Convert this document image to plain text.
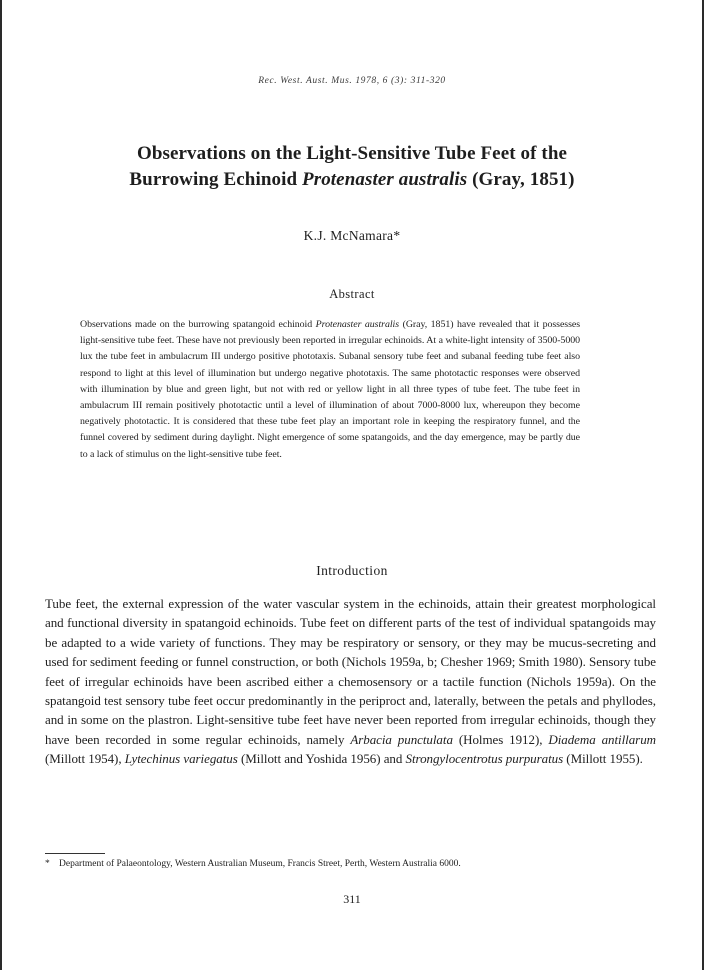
Rec. West. Aust. Mus. 1978, 6 (3): 311-320
Observations on the Light-Sensitive Tube Feet of the
Burrowing Echinoid Protenaster australis (Gray, 1851)
K.J. McNamara*
Abstract
Observations made on the burrowing spatangoid echinoid Protenaster australis (Gray, 1851) have revealed that it possesses light-sensitive tube feet. These have not previously been reported in irregular echinoids. At a white-light intensity of 3500-5000 lux the tube feet in ambulacrum III undergo positive phototaxis. Subanal sensory tube feet and subanal feeding tube feet also respond to light at this level of illumination but undergo negative phototaxis. The same phototactic responses were observed with illumination by blue and green light, but not with red or yellow light in all three types of tube feet. The tube feet in ambulacrum III remain positively phototactic until a level of illumination of about 7000-8000 lux, whereupon they become negatively phototactic. It is considered that these tube feet play an important role in keeping the respiratory funnel, and the funnel covered by sediment during daylight. Night emergence of some spatangoids, and the day emergence, may be partly due to a lack of stimulus on the light-sensitive tube feet.
Introduction
Tube feet, the external expression of the water vascular system in the echinoids, attain their greatest morphological and functional diversity in spatangoid echinoids. Tube feet on different parts of the test of individual spatangoids may be adapted to a wide variety of functions. They may be respiratory or sensory, or they may be mucus-secreting and used for sediment feeding or funnel construction, or both (Nichols 1959a, b; Chesher 1969; Smith 1980). Sensory tube feet of irregular echinoids have been ascribed either a chemosensory or a tactile function (Nichols 1959a). On the spatangoid test sensory tube feet occur predominantly in the periproct and, laterally, between the petals and phyllodes, and in some on the plastron. Light-sensitive tube feet have never been reported from irregular echinoids, though they have been recorded in some regular echinoids, namely Arbacia punctulata (Holmes 1912), Diadema antillarum (Millott 1954), Lytechinus variegatus (Millott and Yoshida 1956) and Strongylocentrotus purpuratus (Millott 1955).
* Department of Palaeontology, Western Australian Museum, Francis Street, Perth, Western Australia 6000.
311
